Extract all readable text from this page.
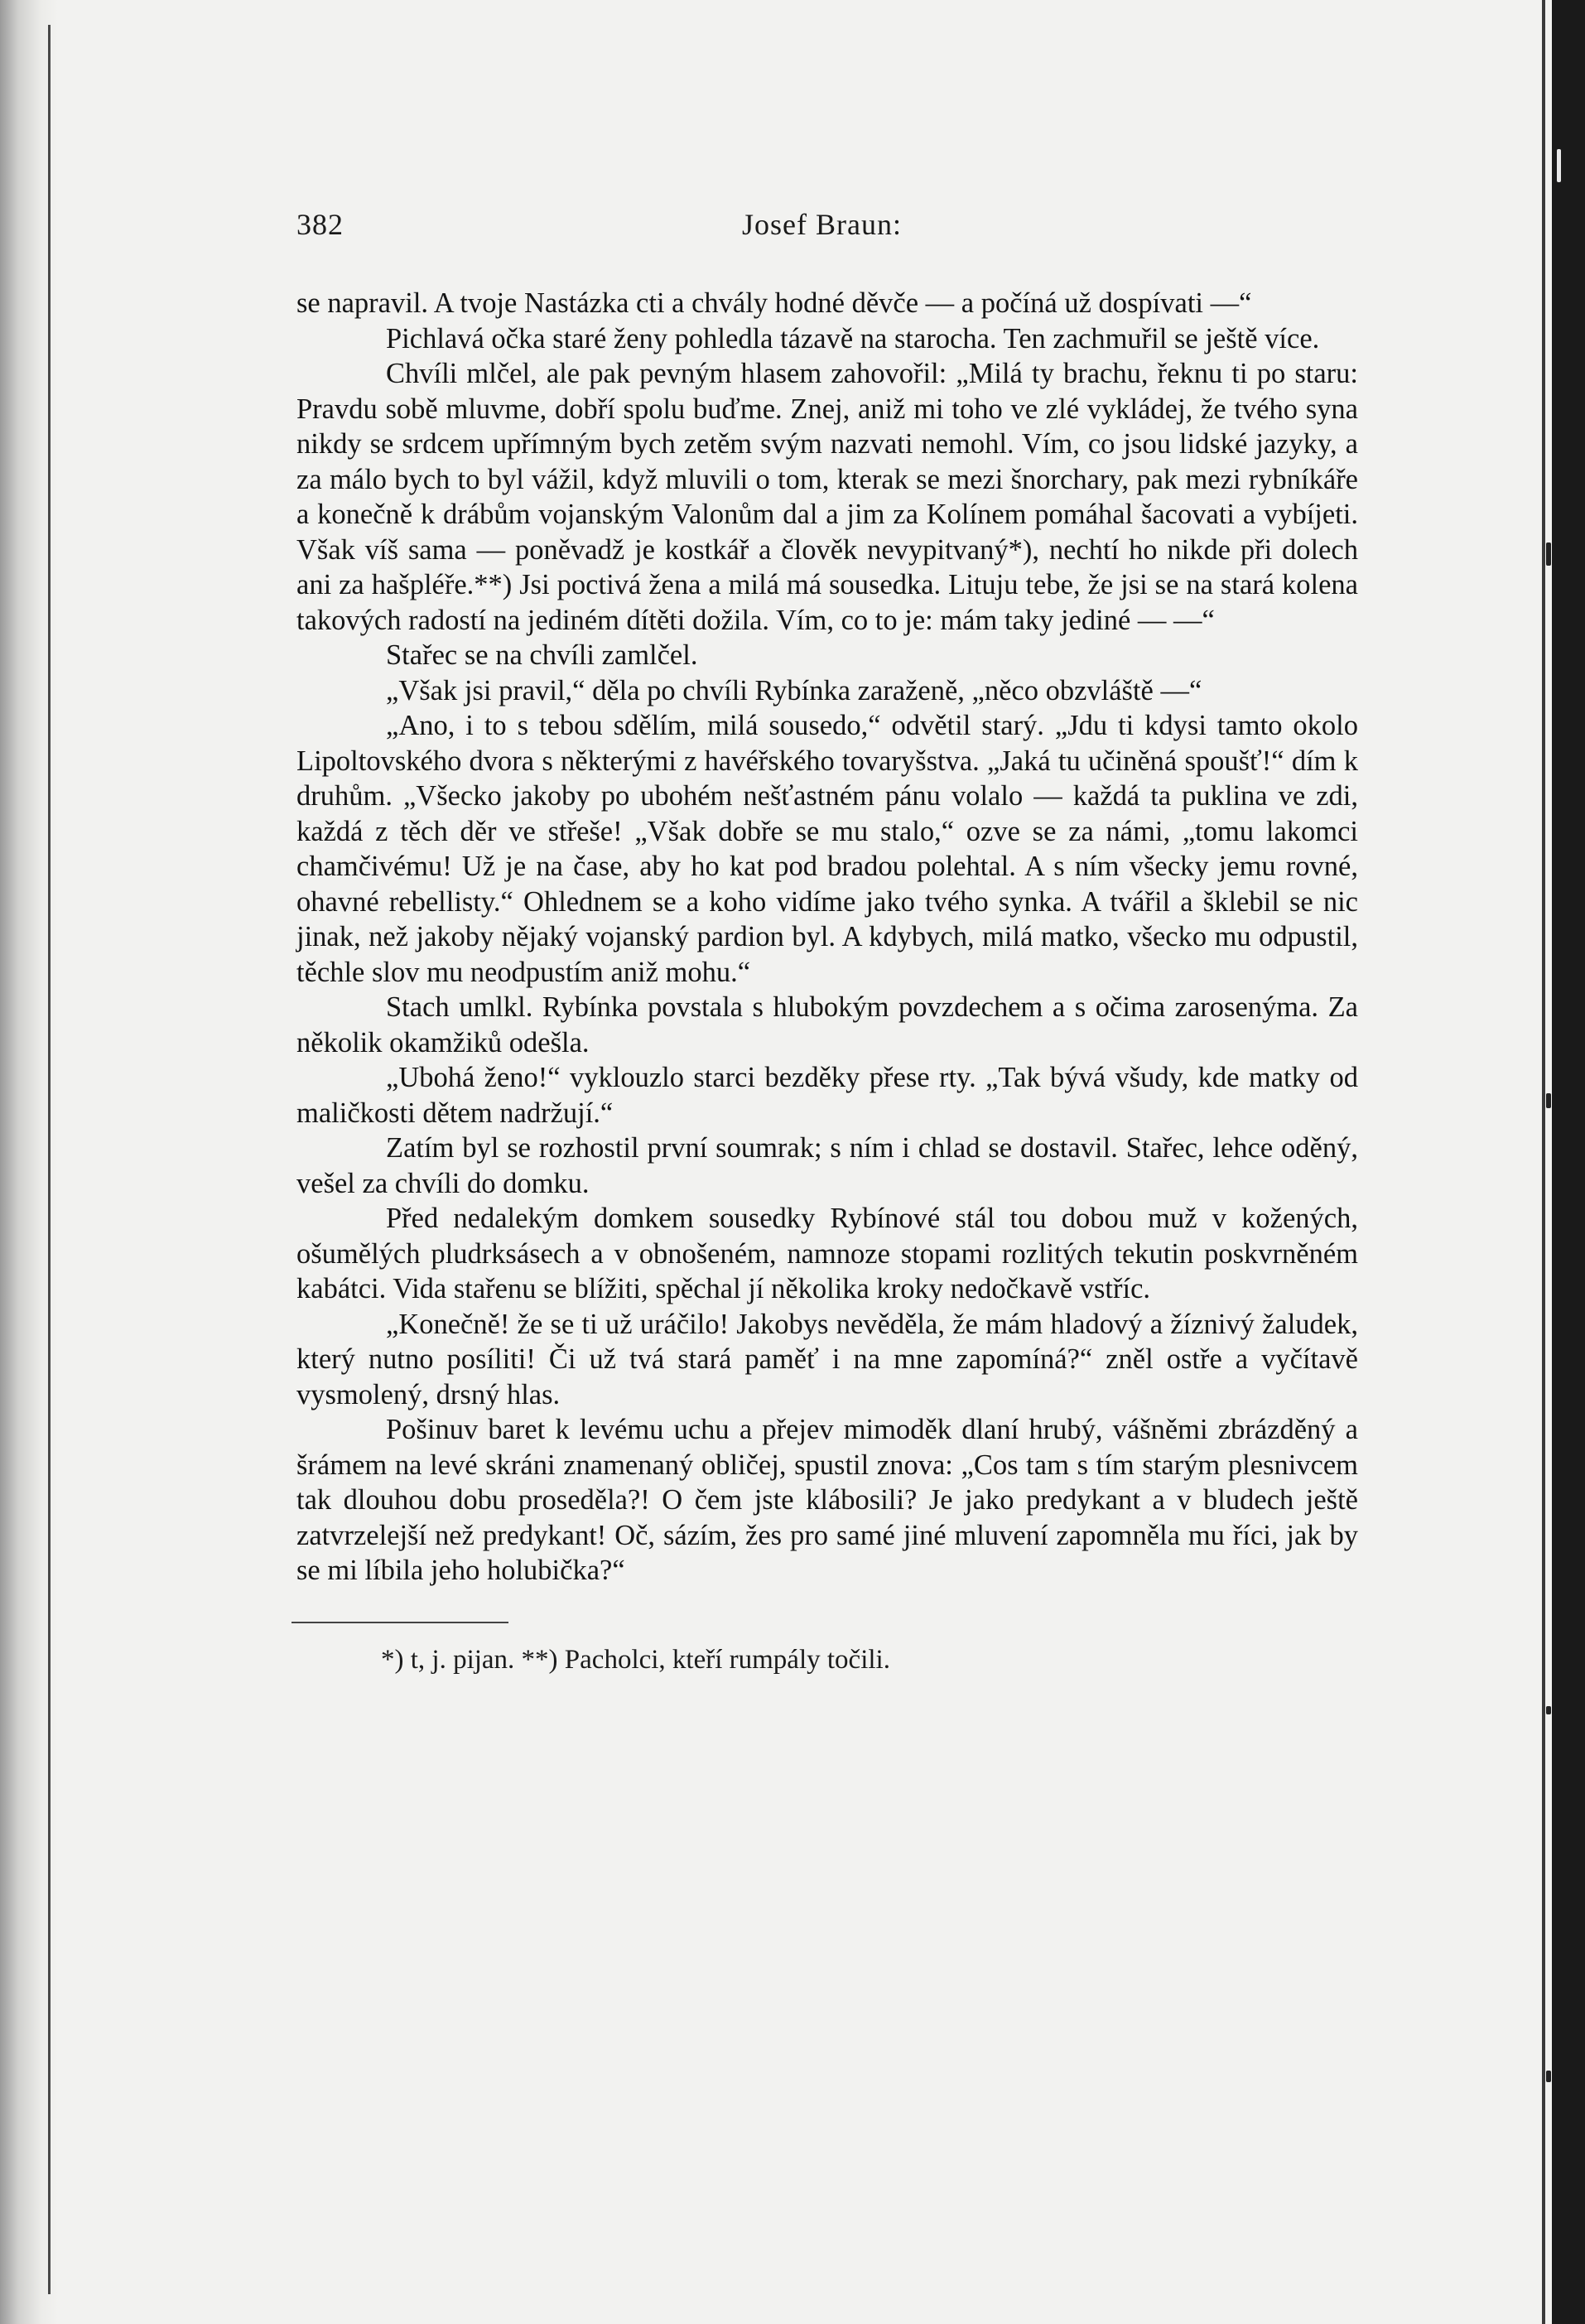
382	Josef Braun:

se napravil. A tvoje Nastázka cti a chvály hodné děvče — a počíná už dospívati —“

Pichlavá očka staré ženy pohledla tázavě na starocha. Ten zachmuřil se ještě více.

Chvíli mlčel, ale pak pevným hlasem zahovořil: „Milá ty brachu, řeknu ti po staru: Pravdu sobě mluvme, dobří spolu buďme. Znej, aniž mi toho ve zlé vykládej, že tvého syna nikdy se srdcem upřímným bych zetěm svým nazvati nemohl. Vím, co jsou lidské jazyky, a za málo bych to byl vážil, když mluvili o tom, kterak se mezi šnorchary, pak mezi rybníkáře a konečně k drábům vojanským Valonům dal a jim za Kolínem pomáhal šacovati a vybíjeti. Však víš sama — poněvadž je kostkář a člověk nevypitvaný*), nechtí ho nikde při dolech ani za hašpléře.**) Jsi poctivá žena a milá má sousedka. Lituju tebe, že jsi se na stará kolena takových radostí na jediném dítěti dožila. Vím, co to je: mám taky jediné — —“

Stařec se na chvíli zamlčel.

„Však jsi pravil,“ děla po chvíli Rybínka zaraženě, „něco obzvláště —“

„Ano, i to s tebou sdělím, milá sousedo,“ odvětil starý. „Jdu ti kdysi tamto okolo Lipoltovského dvora s některými z havéřského tovaryšstva. „Jaká tu učiněná spoušť!“ dím k druhům. „Všecko jakoby po ubohém nešťastném pánu volalo — každá ta puklina ve zdi, každá z těch děr ve střeše! „Však dobře se mu stalo,“ ozve se za námi, „tomu lakomci chamčivému! Už je na čase, aby ho kat pod bradou polehtal. A s ním všecky jemu rovné, ohavné rebellisty.“ Ohlednem se a koho vidíme jako tvého synka. A tvářil a šklebil se nic jinak, než jakoby nějaký vojanský pardion byl. A kdybych, milá matko, všecko mu odpustil, těchle slov mu neodpustím aniž mohu.“

Stach umlkl. Rybínka povstala s hlubokým povzdechem a s očima zarosenýma. Za několik okamžiků odešla.

„Ubohá ženo!“ vyklouzlo starci bezděky přese rty. „Tak bývá všudy, kde matky od maličkosti dětem nadržují.“

Zatím byl se rozhostil první soumrak; s ním i chlad se dostavil. Stařec, lehce oděný, vešel za chvíli do domku.

Před nedalekým domkem sousedky Rybínové stál tou dobou muž v kožených, ošumělých pludrksásech a v obnošeném, namnoze stopami rozlitých tekutin poskvrněném kabátci. Vida stařenu se blížiti, spěchal jí několika kroky nedočkavě vstříc.

„Konečně! že se ti už uráčilo! Jakobys nevěděla, že mám hladový a žíznivý žaludek, který nutno posíliti! Či už tvá stará paměť i na mne zapomíná?“ zněl ostře a vyčítavě vysmolený, drsný hlas.

Pošinuv baret k levému uchu a přejev mimoděk dlaní hrubý, vášněmi zbrázděný a šrámem na levé skráni znamenaný obličej, spustil znova: „Cos tam s tím starým plesnivcem tak dlouhou dobu proseděla?! O čem jste klábosili? Je jako predykant a v bludech ještě zatvrzelejší než predykant! Oč, sázím, žes pro samé jiné mluvení zapomněla mu říci, jak by se mi líbila jeho holubička?“

*) t, j. pijan. **) Pacholci, kteří rumpály točili.
